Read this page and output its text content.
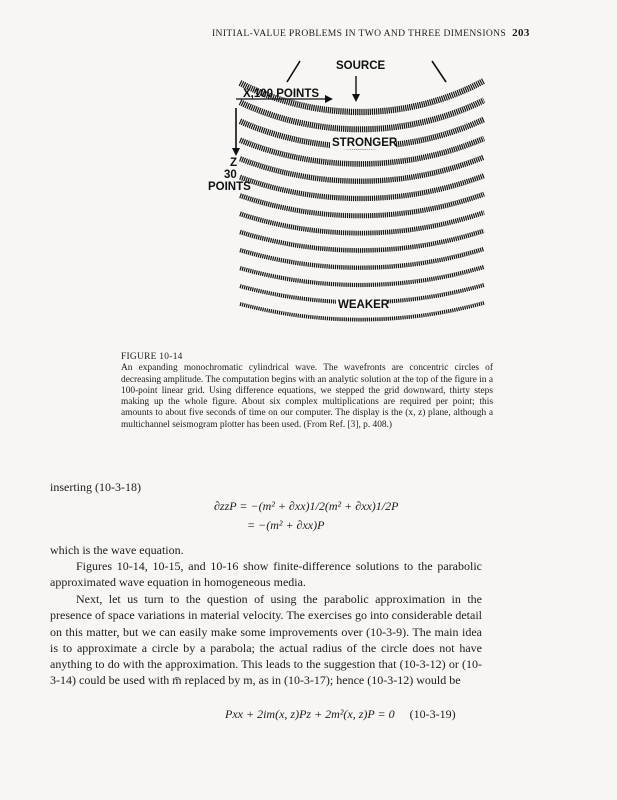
INITIAL-VALUE PROBLEMS IN TWO AND THREE DIMENSIONS 203
SOURCE
X,100 POINTS
Z
30
POINTS
STRONGER
WEAKER
FIGURE 10-14
An expanding monochromatic cylindrical wave. The wavefronts are concentric circles of decreasing amplitude. The computation begins with an analytic solution at the top of the figure in a 100-point linear grid. Using difference equations, we stepped the grid downward, thirty steps making up the whole figure. About six complex multiplications are required per point; this amounts to about five seconds of time on our computer. The display is the (x, z) plane, although a multichannel seismogram plotter has been used. (From Ref. [3], p. 408.)
inserting (10-3-18)
∂zzP = −(m² + ∂xx)1/2(m² + ∂xx)1/2P
= −(m² + ∂xx)P
which is the wave equation.
Figures 10-14, 10-15, and 10-16 show finite-difference solutions to the parabolic approximated wave equation in homogeneous media.
Next, let us turn to the question of using the parabolic approximation in the presence of space variations in material velocity. The exercises go into considerable detail on this matter, but we can easily make some improvements over (10-3-9). The main idea is to approximate a circle by a parabola; the actual radius of the circle does not have anything to do with the approximation. This leads to the suggestion that (10-3-12) or (10-3-14) could be used with m̄ replaced by m, as in (10-3-17); hence (10-3-12) would be
Pxx + 2im(x, z)Pz + 2m²(x, z)P = 0 (10-3-19)
